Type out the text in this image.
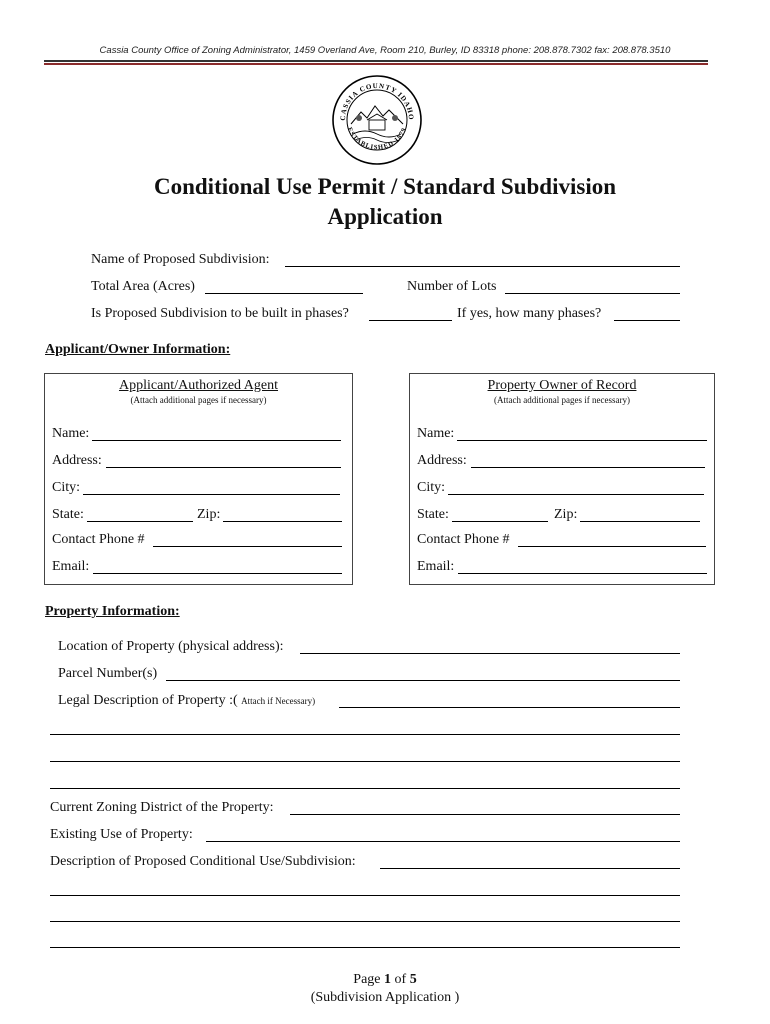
Cassia County Office of Zoning Administrator, 1459 Overland Ave, Room 210, Burley, ID 83318 phone: 208.878.7302 fax: 208.878.3510
CASSIA COUNTY IDAHO
ESTABLISHED 1879
Conditional Use Permit / Standard Subdivision
Application
Name of Proposed Subdivision:
Total Area (Acres)	Number of Lots
Is Proposed Subdivision to be built in phases?	If yes, how many phases?
Applicant/Owner Information:
Applicant/Authorized Agent
(Attach additional pages if necessary)
Name:
Address:
City:
State:	Zip:
Contact Phone #
Email:
Property Owner of Record
(Attach additional pages if necessary)
Name:
Address:
City:
State:	Zip:
Contact Phone #
Email:
Property Information:
Location of Property (physical address):
Parcel Number(s)
Legal Description of Property :( Attach if Necessary)
Current Zoning District of the Property:
Existing Use of Property:
Description of Proposed Conditional Use/Subdivision:
Page 1 of 5
(Subdivision Application )
